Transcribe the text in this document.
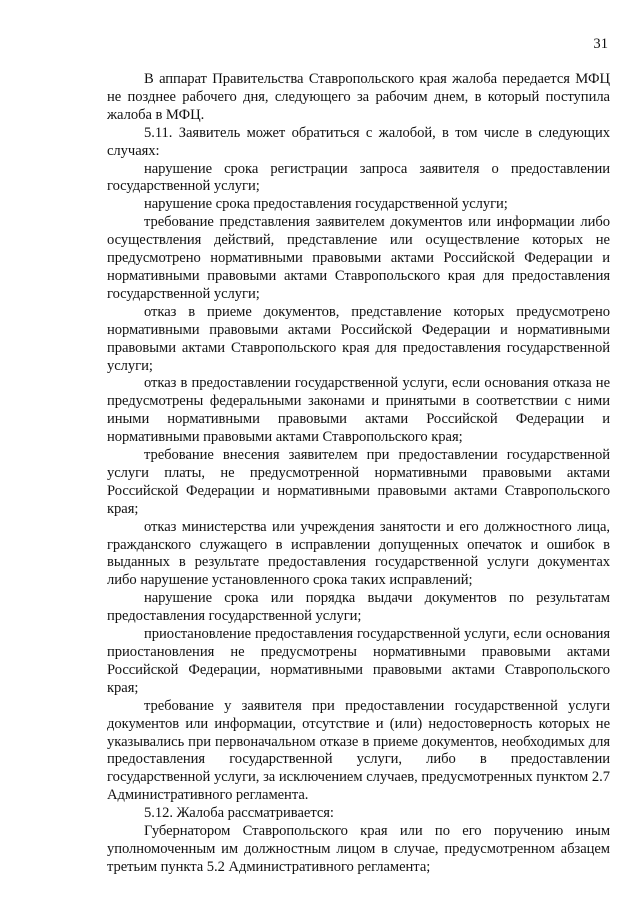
31

В аппарат Правительства Ставропольского края жалоба передается МФЦ не позднее рабочего дня, следующего за рабочим днем, в который поступила жалоба в МФЦ.

5.11. Заявитель может обратиться с жалобой, в том числе в следующих случаях:

нарушение срока регистрации запроса заявителя о предоставлении государственной услуги;

нарушение срока предоставления государственной услуги;

требование представления заявителем документов или информации либо осуществления действий, представление или осуществление которых не предусмотрено нормативными правовыми актами Российской Федерации и нормативными правовыми актами Ставропольского края для предоставления государственной услуги;

отказ в приеме документов, представление которых предусмотрено нормативными правовыми актами Российской Федерации и нормативными правовыми актами Ставропольского края для предоставления государственной услуги;

отказ в предоставлении государственной услуги, если основания отказа не предусмотрены федеральными законами и принятыми в соответствии с ними иными нормативными правовыми актами Российской Федерации и нормативными правовыми актами Ставропольского края;

требование внесения заявителем при предоставлении государственной услуги платы, не предусмотренной нормативными правовыми актами Российской Федерации и нормативными правовыми актами Ставропольского края;

отказ министерства или учреждения занятости и его должностного лица, гражданского служащего в исправлении допущенных опечаток и ошибок в выданных в результате предоставления государственной услуги документах либо нарушение установленного срока таких исправлений;

нарушение срока или порядка выдачи документов по результатам предоставления государственной услуги;

приостановление предоставления государственной услуги, если основания приостановления не предусмотрены нормативными правовыми актами Российской Федерации, нормативными правовыми актами Ставропольского края;

требование у заявителя при предоставлении государственной услуги документов или информации, отсутствие и (или) недостоверность которых не указывались при первоначальном отказе в приеме документов, необходимых для предоставления государственной услуги, либо в предоставлении государственной услуги, за исключением случаев, предусмотренных пунктом 2.7 Административного регламента.

5.12. Жалоба рассматривается:

Губернатором Ставропольского края или по его поручению иным уполномоченным им должностным лицом в случае, предусмотренном абзацем третьим пункта 5.2 Административного регламента;
